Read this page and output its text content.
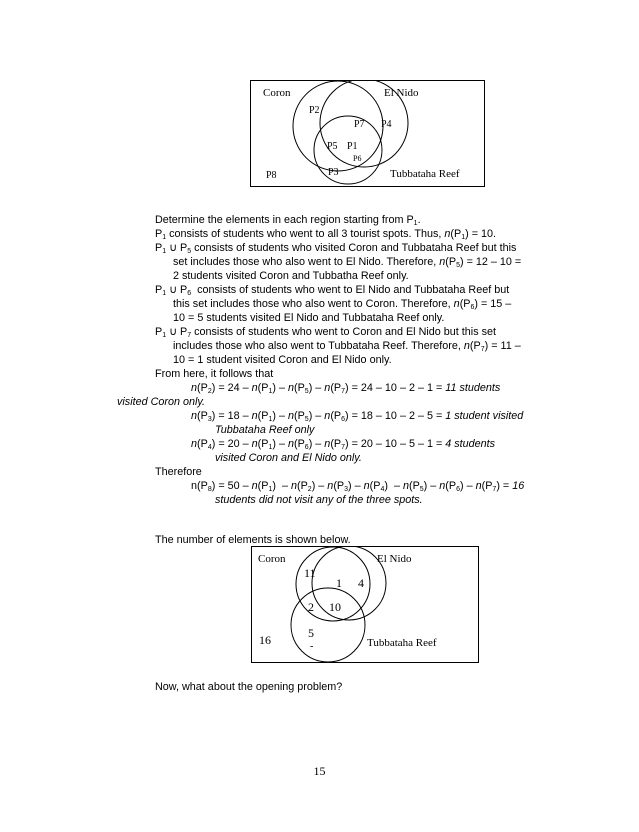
Coron	El Nido
Tubbataha Reef
P2
P7 P4
P5 P1
P6
P3
P8
Determine the elements in each region starting from $P_1$.
$P_1$ consists of students who went to all 3 tourist spots. Thus, $n(P_1) = 10$.
$P_1$ ∪ $P_5$ consists of students who visited Coron and Tubbataha Reef but this
set includes those who also went to El Nido. Therefore, $n(P_5) = 12 - 10$ =
2 students visited Coron and Tubbatha Reef only.
$P_1$ ∪ $P_6$  consists of students who went to El Nido and Tubbataha Reef but
this set includes those who also went to Coron. Therefore, $n(P_6) = 15$ –
10 = 5 students visited El Nido and Tubbataha Reef only.
$P_1$ ∪ $P_7$ consists of students who went to Coron and El Nido but this set
includes those who also went to Tubbataha Reef. Therefore, $n(P_7) = 11$ –
10 = 1 student visited Coron and El Nido only.
From here, it follows that
$n(P_2) = 24 - n(P_1) - n(P_5) - n(P_7) = 24 - 10 - 2 - 1 = 11$ students
visited Coron only.
$n(P_3) = 18 - n(P_1) - n(P_5) - n(P_6) = 18 - 10 - 2 - 5 = 1$ student visited
Tubbataha Reef only
$n(P_4) = 20 - n(P_1) - n(P_6) - n(P_7) = 20 - 10 - 5 - 1 = 4$ students
visited Coron and El Nido only.
Therefore
$n(P_8) = 50 - n(P_1) - n(P_2) - n(P_3) - n(P_4) - n(P_5) - n(P_6) - n(P_7) = 16$
students did not visit any of the three spots.
The number of elements is shown below.
Now, what about the opening problem?
Coron	El Nido
Tubbataha Reef
11
1 4
2 10
5
-
16
15
